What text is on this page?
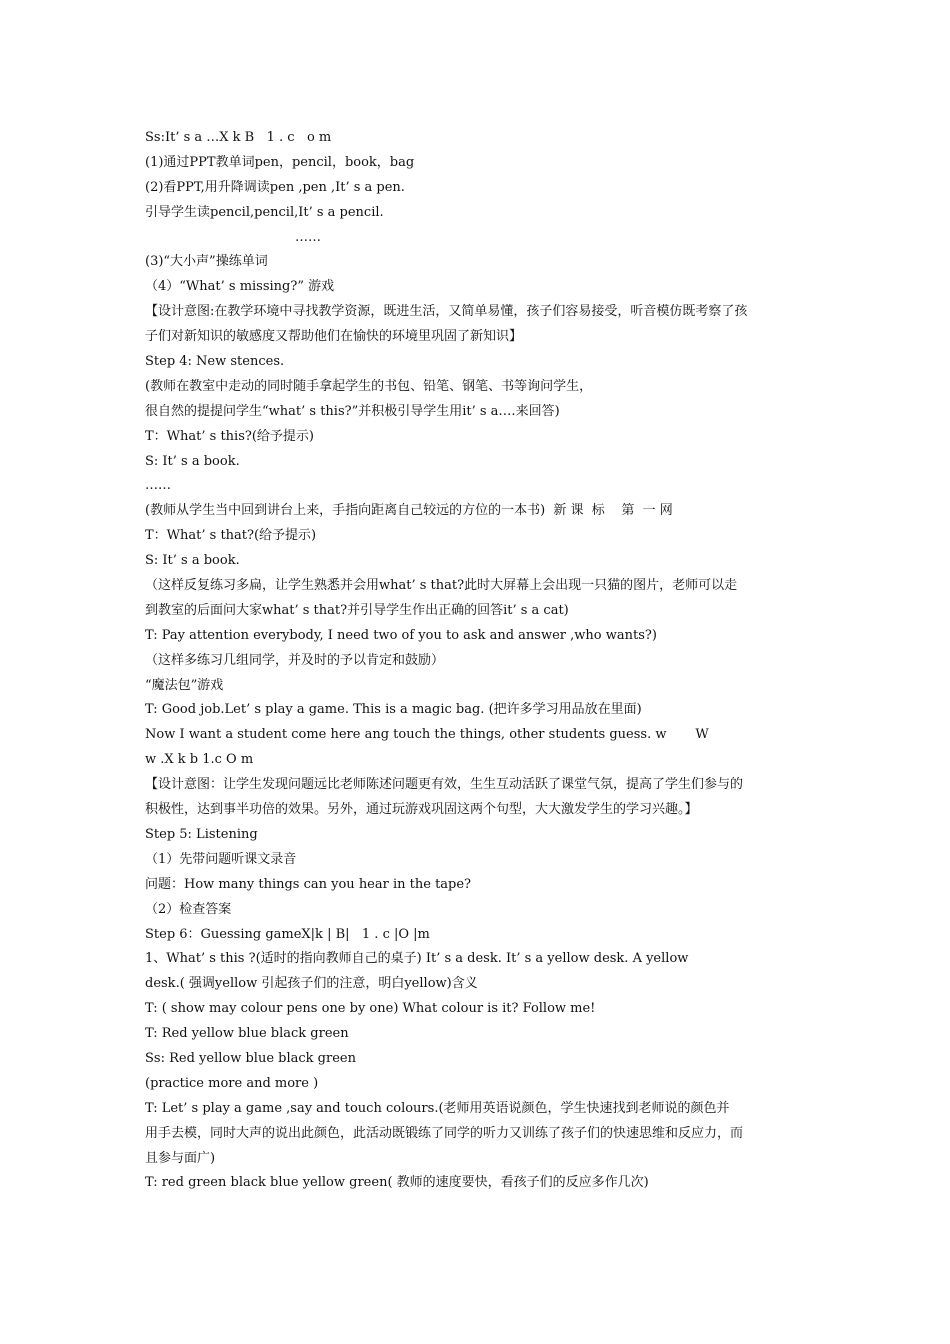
Ss:It’ s a …X k B   1 . c   o m
(1)通过PPT教单词pen，pencil，book，bag
(2)看PPT,用升降调读pen ,pen ,It’ s a pen.
引导学生读pencil,pencil,It’ s a pencil.
……
(3)“大小声”操练单词
（4）“What’ s missing?” 游戏
【设计意图:在教学环境中寻找教学资源，既进生活，又简单易懂，孩子们容易接受，听音模仿既考察了孩
子们对新知识的敏感度又帮助他们在愉快的环境里巩固了新知识】
Step 4: New stences.
(教师在教室中走动的同时随手拿起学生的书包、铅笔、钢笔、书等询问学生，
很自然的提提问学生“what’ s this?”并积极引导学生用it’ s a….来回答)
T：What’ s this?(给予提示)
S: It’ s a book.
……
(教师从学生当中回到讲台上来，手指向距离自己较远的方位的一本书)  新 课  标    第  一 网
T：What’ s that?(给予提示)
S: It’ s a book.
（这样反复练习多扁，让学生熟悉并会用what’ s that?此时大屏幕上会出现一只猫的图片，老师可以走
到教室的后面问大家what’ s that?并引导学生作出正确的回答it’ s a cat)
T: Pay attention everybody, I need two of you to ask and answer ,who wants?)
（这样多练习几组同学，并及时的予以肯定和鼓励）
“魔法包”游戏
T: Good job.Let’ s play a game. This is a magic bag. (把许多学习用品放在里面)
Now I want a student come here ang touch the things, other students guess. w       W
w .X k b 1.c O m
【设计意图：让学生发现问题远比老师陈述问题更有效，生生互动活跃了课堂气氛，提高了学生们参与的
积极性，达到事半功倍的效果。另外，通过玩游戏巩固这两个句型，大大激发学生的学习兴趣。】
Step 5: Listening
（1）先带问题听课文录音
问题：How many things can you hear in the tape?
（2）检查答案
Step 6：Guessing gameX|k | B|   1 . c |O |m
1、What’ s this ?(适时的指向教师自己的桌子) It’ s a desk. It’ s a yellow desk. A yellow
desk.( 强调yellow 引起孩子们的注意，明白yellow)含义
T: ( show may colour pens one by one) What colour is it? Follow me!
T: Red yellow blue black green
Ss: Red yellow blue black green
(practice more and more )
T: Let’ s play a game ,say and touch colours.(老师用英语说颜色，学生快速找到老师说的颜色并
用手去模，同时大声的说出此颜色，此活动既锻练了同学的听力又训练了孩子们的快速思维和反应力，而
且参与面广)
T: red green black blue yellow green( 教师的速度要快，看孩子们的反应多作几次)
